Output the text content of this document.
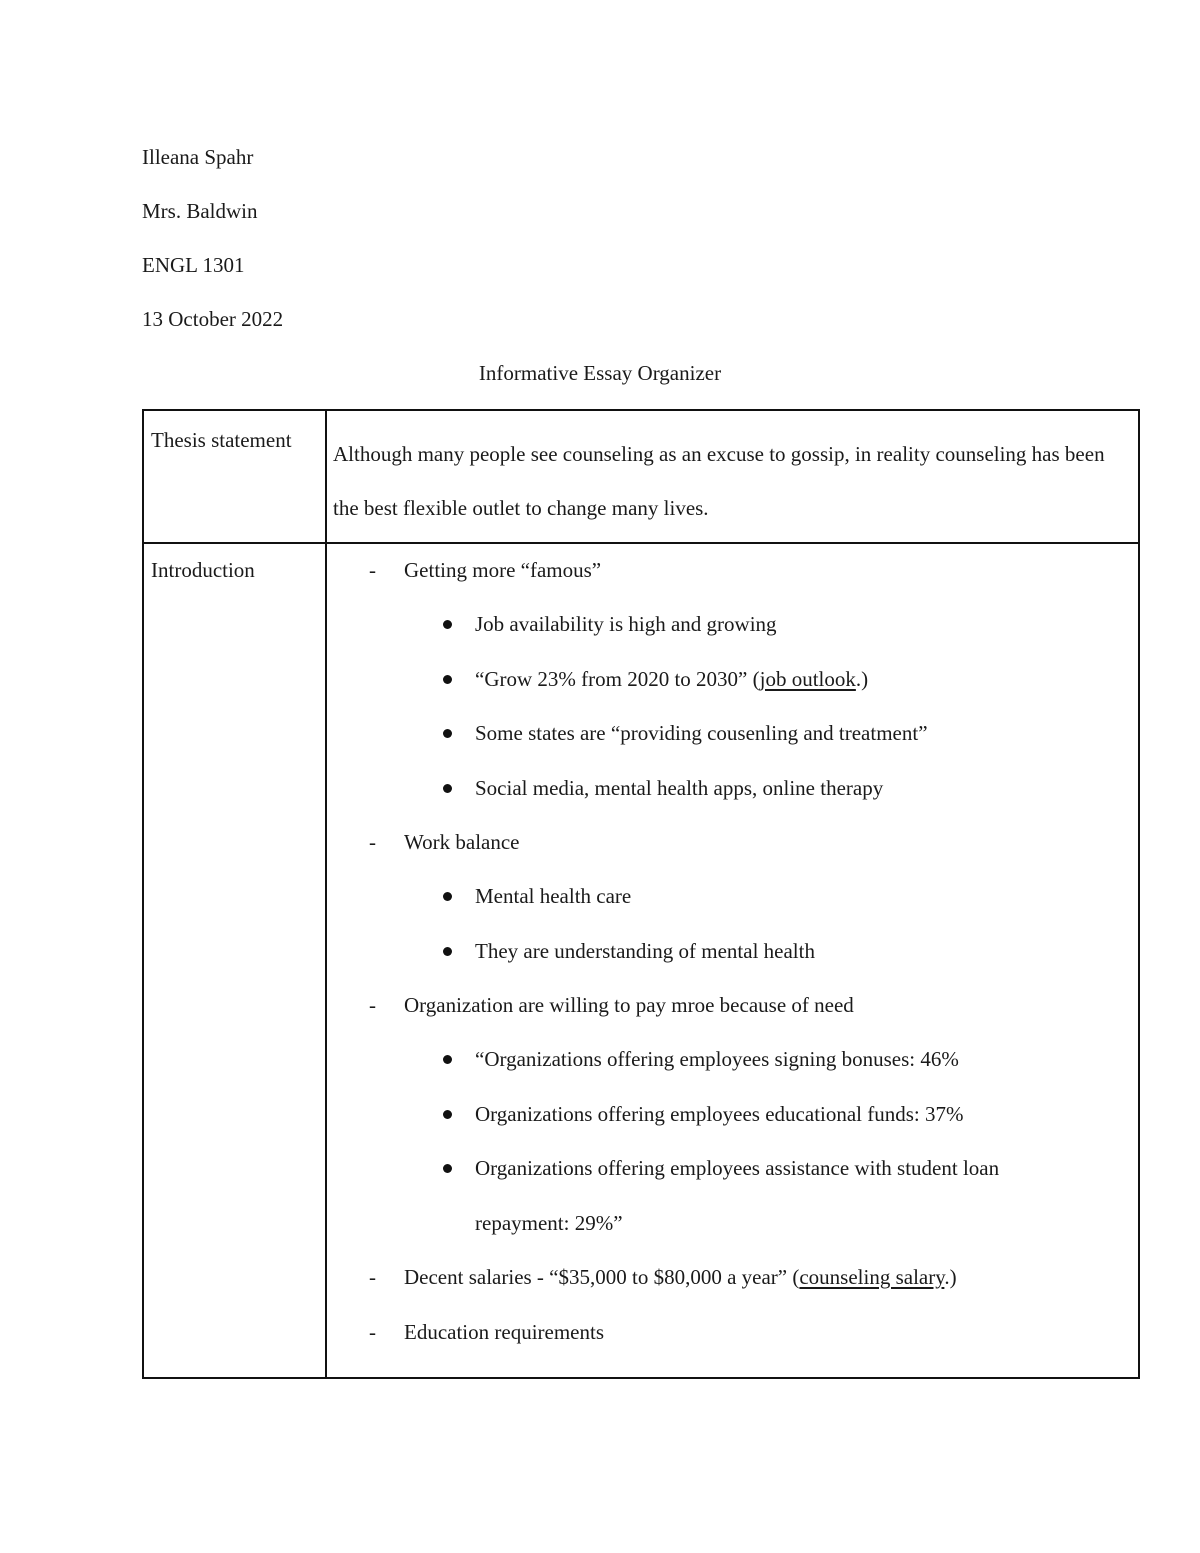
Illeana Spahr
Mrs. Baldwin
ENGL 1301
13 October 2022
Informative Essay Organizer
Thesis statement
Although many people see counseling as an excuse to gossip, in reality counseling has been the best flexible outlet to change many lives.
Introduction	- Getting more “famous”
Job availability is high and growing
“Grow 23% from 2020 to 2030” (job outlook.)
Some states are “providing cousenling and treatment”
Social media, mental health apps, online therapy
- Work balance
Mental health care
They are understanding of mental health
- Organization are willing to pay mroe because of need
“Organizations offering employees signing bonuses: 46%
Organizations offering employees educational funds: 37%
Organizations offering employees assistance with student loan
repayment: 29%”
- Decent salaries - “$35,000 to $80,000 a year” (counseling salary.)
- Education requirements
